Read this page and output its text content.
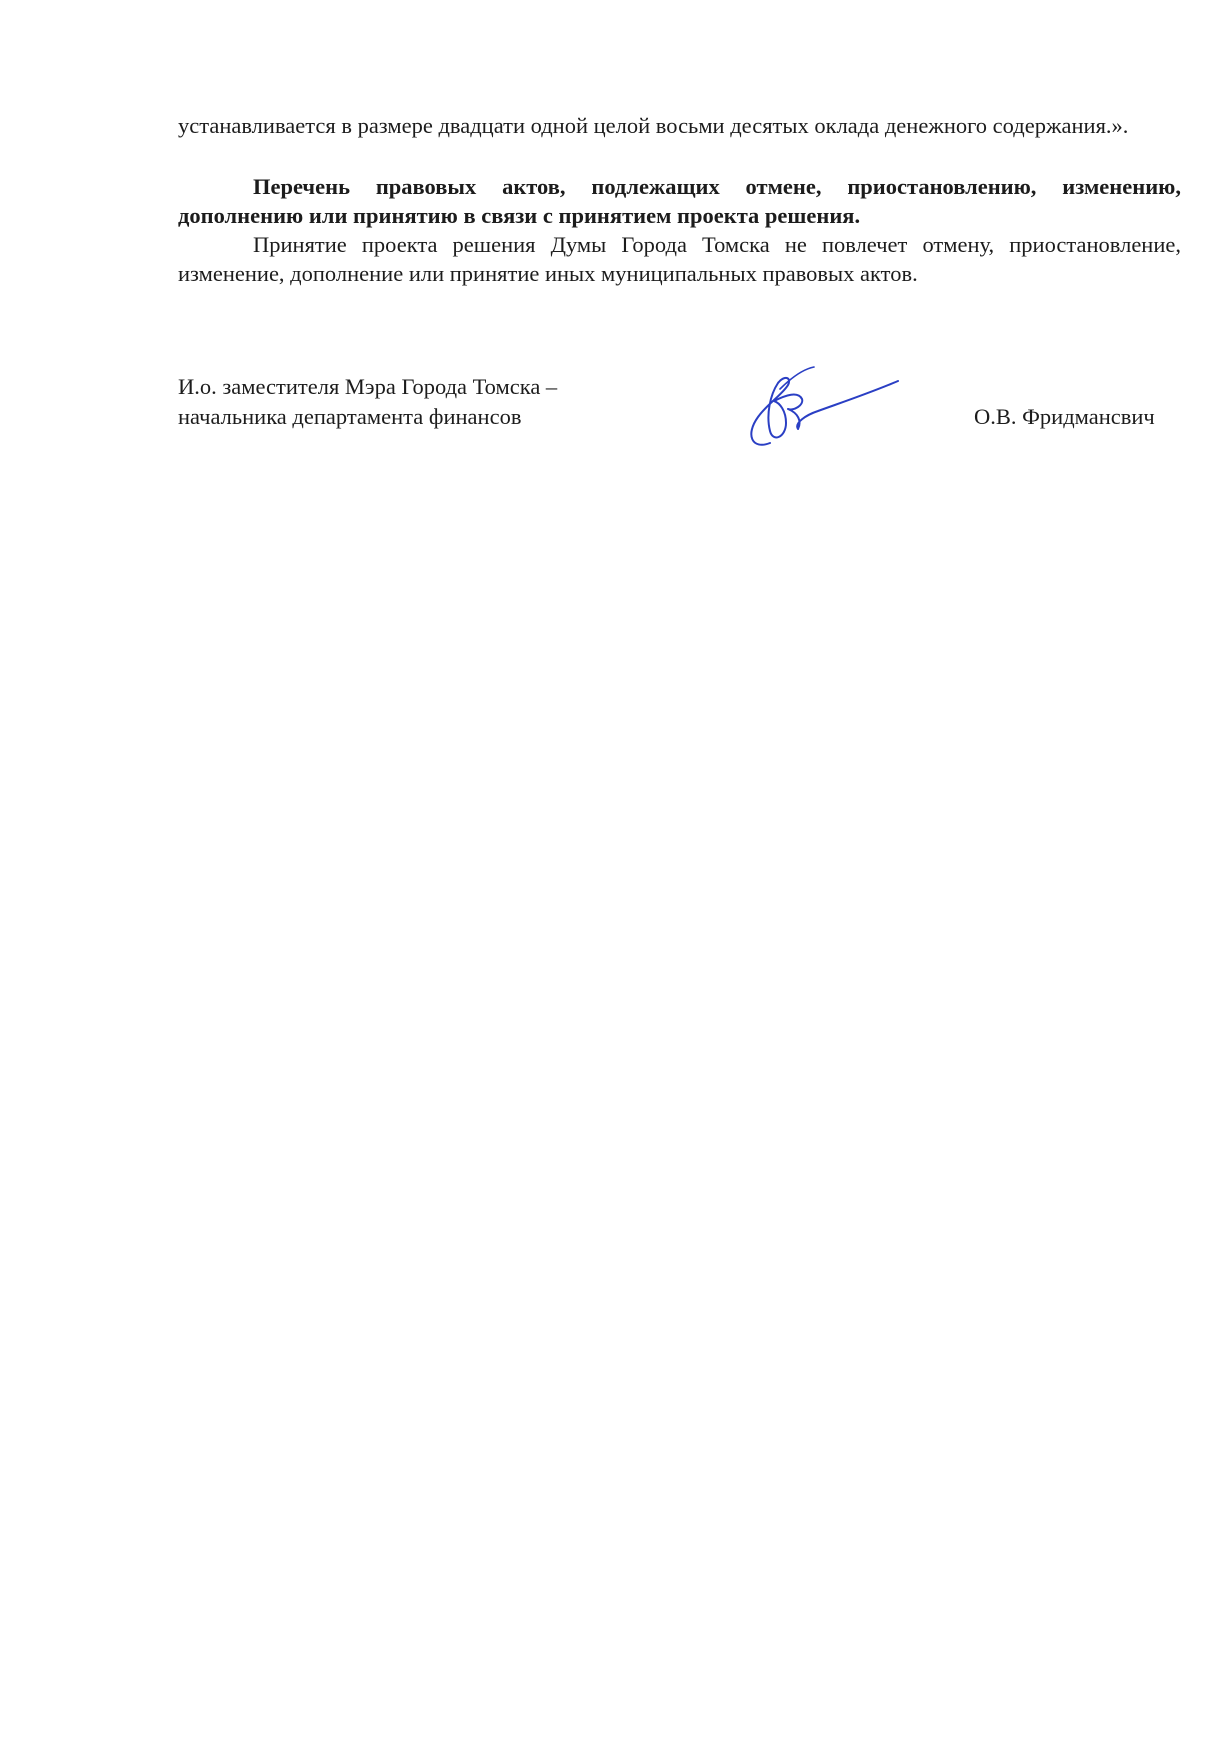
устанавливается в размере двадцати одной целой восьми десятых оклада денежного содержания.».

Перечень правовых актов, подлежащих отмене, приостановлению, изменению, дополнению или принятию в связи с принятием проекта решения.

Принятие проекта решения Думы Города Томска не повлечет отмену, приостановление, изменение, дополнение или принятие иных муниципальных правовых актов.

И.о. заместителя Мэра Города Томска –
начальника департамента финансов	О.В. Фридмансвич
